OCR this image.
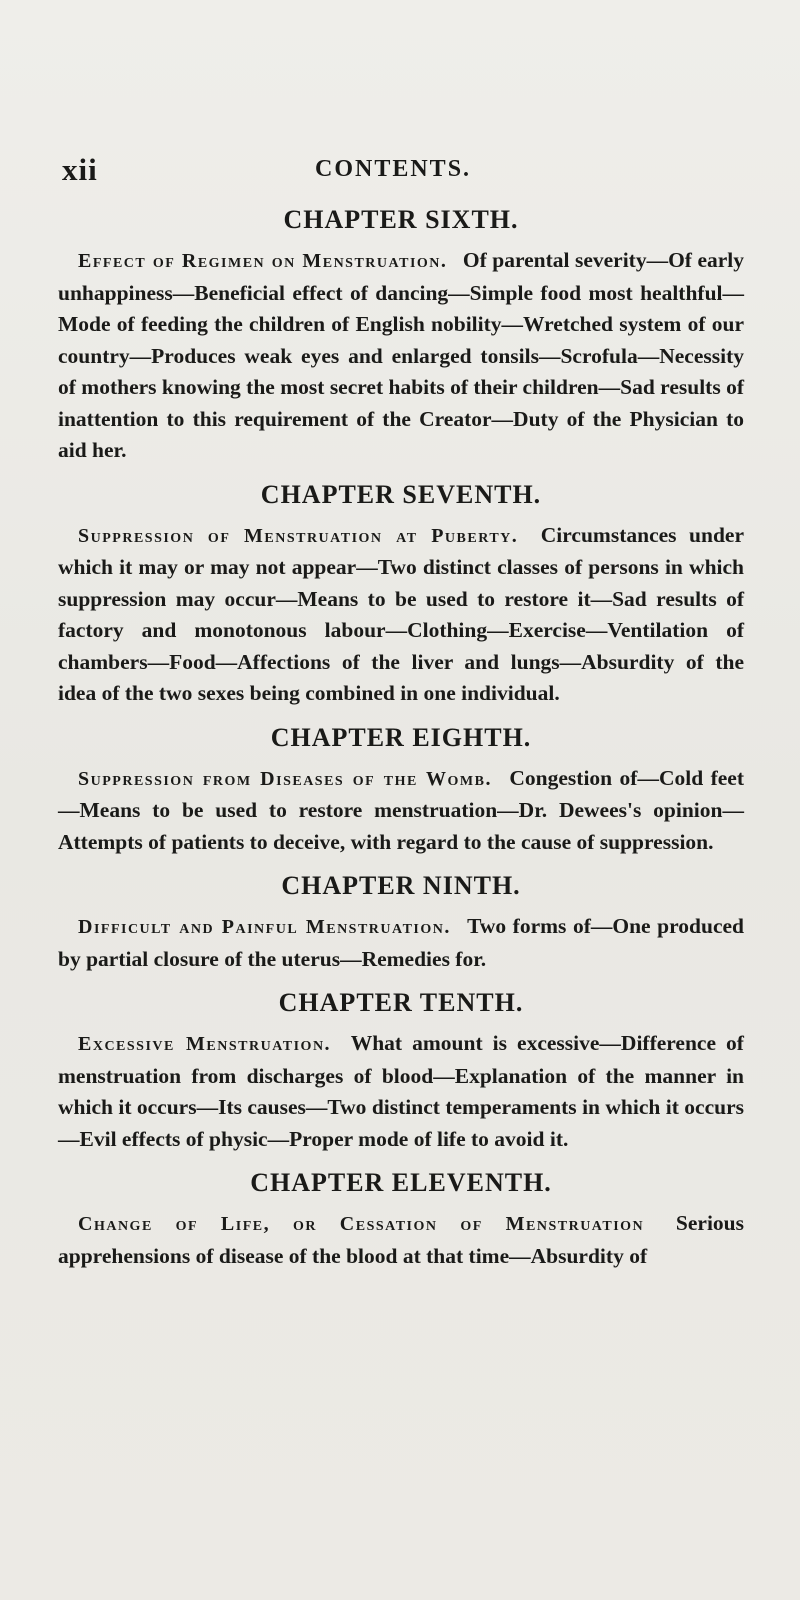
xii	CONTENTS.
CHAPTER SIXTH.

Effect of Regimen on Menstruation. Of parental severity—Of early unhappiness—Beneficial effect of dancing—Simple food most healthful—Mode of feeding the children of English nobility—Wretched system of our country—Produces weak eyes and enlarged tonsils—Scrofula—Necessity of mothers knowing the most secret habits of their children—Sad results of inattention to this requirement of the Creator—Duty of the Physician to aid her.

CHAPTER SEVENTH.

Suppression of Menstruation at Puberty. Circumstances under which it may or may not appear—Two distinct classes of persons in which suppression may occur—Means to be used to restore it—Sad results of factory and monotonous labour—Clothing—Exercise—Ventilation of chambers—Food—Affections of the liver and lungs—Absurdity of the idea of the two sexes being combined in one individual.

CHAPTER EIGHTH.

Suppression from Diseases of the Womb. Congestion of—Cold feet—Means to be used to restore menstruation—Dr. Dewees's opinion—Attempts of patients to deceive, with regard to the cause of suppression.

CHAPTER NINTH.

Difficult and Painful Menstruation. Two forms of—One produced by partial closure of the uterus—Remedies for.

CHAPTER TENTH.

Excessive Menstruation. What amount is excessive—Difference of menstruation from discharges of blood—Explanation of the manner in which it occurs—Its causes—Two distinct temperaments in which it occurs—Evil effects of physic—Proper mode of life to avoid it.

CHAPTER ELEVENTH.

Change of Life, or Cessation of Menstruation Serious apprehensions of disease of the blood at that time—Absurdity of
